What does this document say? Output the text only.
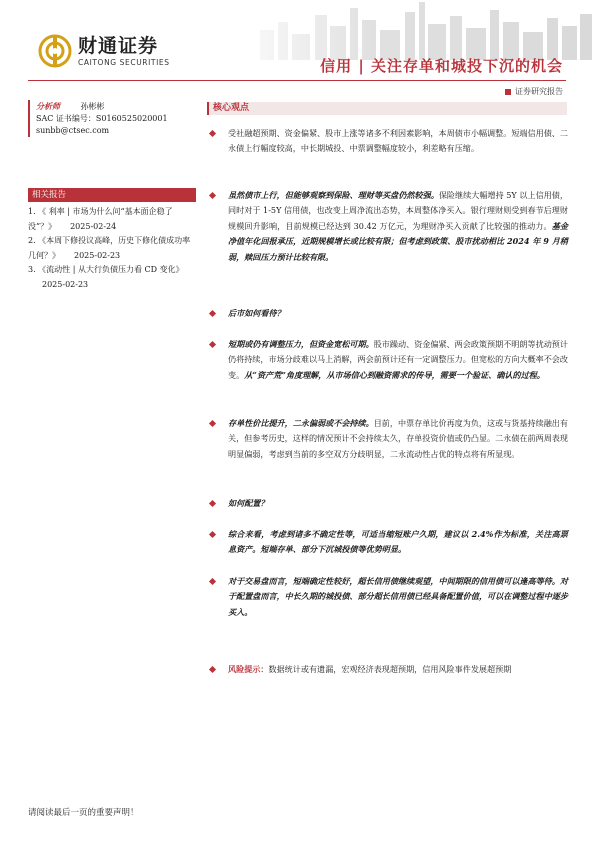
财通证券
CAITONG SECURITIES	信用 | 关注存单和城投下沉的机会
证券研究报告
分析师	孙彬彬
SAC 证书编号：S0160525020001
sunbb@ctsec.com
相关报告
1. 《 利率 | 市场为什么问“基本面企稳了没”？》 2025-02-24
2. 《本周下修投议高峰，历史下修化债成功率几何？》 2025-02-23
3. 《流动性 | 从大行负债压力看 CD 变化》2025-02-23
核心观点
受社融超预期、资金偏紧、股市上涨等诸多不利因素影响，本周债市小幅调整。短端信用债、二永债上行幅度较高，中长期城投、中票调整幅度较小，利差略有压缩。
虽然债市上行，但能够观察到保险、理财等买盘仍然较强。保险继续大幅增持 5Y 以上信用债，同时对于 1-5Y 信用债，也改变上周净流出态势，本周整体净买入。银行理财则受到春节后理财规模回升影响，目前规模已经达到 30.42 万亿元，为理财净买入贡献了比较强的推动力。基金净值年化回报承压，近期规模增长或比较有限；但考虑到政策、股市扰动相比 2024 年 9 月稍弱，赎回压力预计比较有限。
后市如何看待？
短期或仍有调整压力，但资金宽松可期。股市躁动、资金偏紧、两会政策预期不明朗等扰动预计仍将持续，市场分歧难以马上消解，两会前预计还有一定调整压力。但宽松的方向大概率不会改变。从“资产荒”角度理解，从市场信心到融资需求的传导，需要一个验证、确认的过程。
存单性价比提升，二永偏弱或不会持续。目前，中票存单比价再度为负，这或与货基持续融出有关，但参考历史，这样的情况预计不会持续太久，存单投资价值或仍凸显。二永债在前两周表现明显偏弱，考虑到当前的多空双方分歧明显，二永流动性占优的特点将有所显现。
如何配置？
综合来看，考虑到诸多不确定性等，可适当缩短账户久期，建议以 2.4%作为标准，关注高票息资产。短端存单、部分下沉城投债等优势明显。
对于交易盘而言，短端确定性较好，超长信用债继续观望，中间期限的信用债可以逢高等待。对于配置盘而言，中长久期的城投债、部分超长信用债已经具备配置价值，可以在调整过程中逐步买入。
风险提示：数据统计或有遗漏，宏观经济表现超预期，信用风险事件发展超预期
请阅读最后一页的重要声明！
